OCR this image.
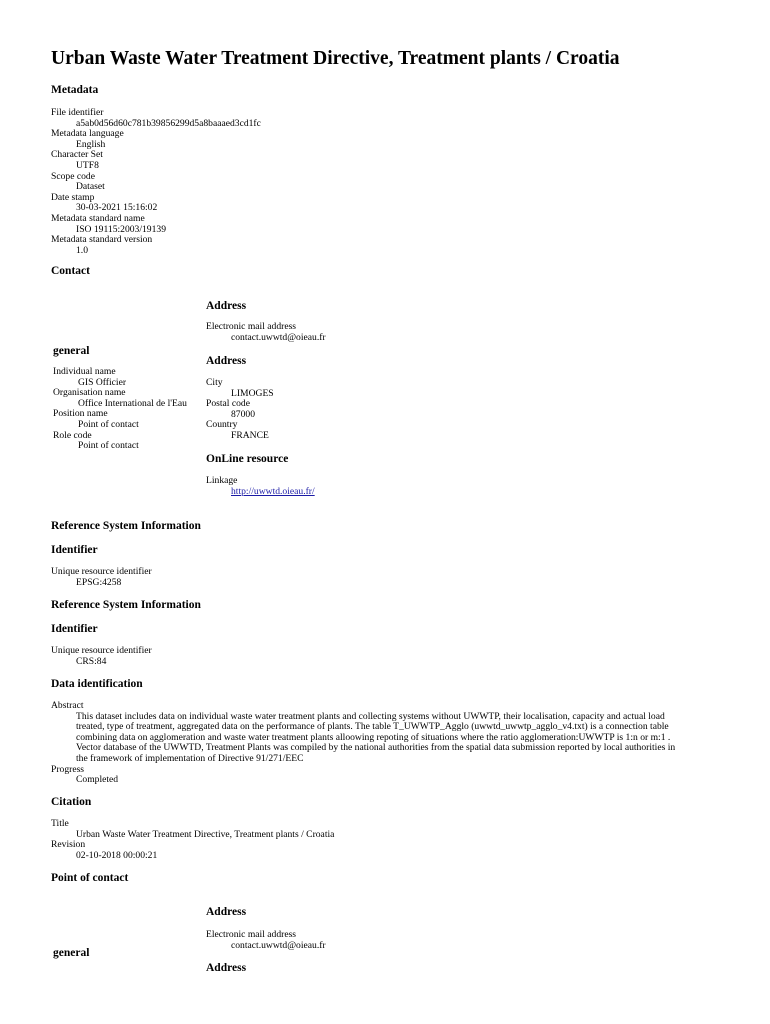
Urban Waste Water Treatment Directive, Treatment plants / Croatia
Metadata
File identifier
a5ab0d56d60c781b39856299d5a8baaaed3cd1fc
Metadata language
English
Character Set
UTF8
Scope code
Dataset
Date stamp
30-03-2021 15:16:02
Metadata standard name
ISO 19115:2003/19139
Metadata standard version
1.0
Contact
Address
Electronic mail address
contact.uwwtd@oieau.fr
general
Individual name
GIS Officier
Organisation name
Office International de l'Eau
Position name
Point of contact
Role code
Point of contact
Address
City
LIMOGES
Postal code
87000
Country
FRANCE
OnLine resource
Linkage
http://uwwtd.oieau.fr/
Reference System Information
Identifier
Unique resource identifier
EPSG:4258
Reference System Information
Identifier
Unique resource identifier
CRS:84
Data identification
Abstract
This dataset includes data on individual waste water treatment plants and collecting systems without UWWTP, their localisation, capacity and actual load
treated, type of treatment, aggregated data on the performance of plants. The table T_UWWTP_Agglo (uwwtd_uwwtp_agglo_v4.txt) is a connection table
combining data on agglomeration and waste water treatment plants alloowing repoting of situations where the ratio agglomeration:UWWTP is 1:n or m:1 .
Vector database of the UWWTD, Treatment Plants was compiled by the national authorities from the spatial data submission reported by local authorities in
the framework of implementation of Directive 91/271/EEC
Progress
Completed
Citation
Title
Urban Waste Water Treatment Directive, Treatment plants / Croatia
Revision
02-10-2018 00:00:21
Point of contact
Address
Electronic mail address
contact.uwwtd@oieau.fr
general
Address
